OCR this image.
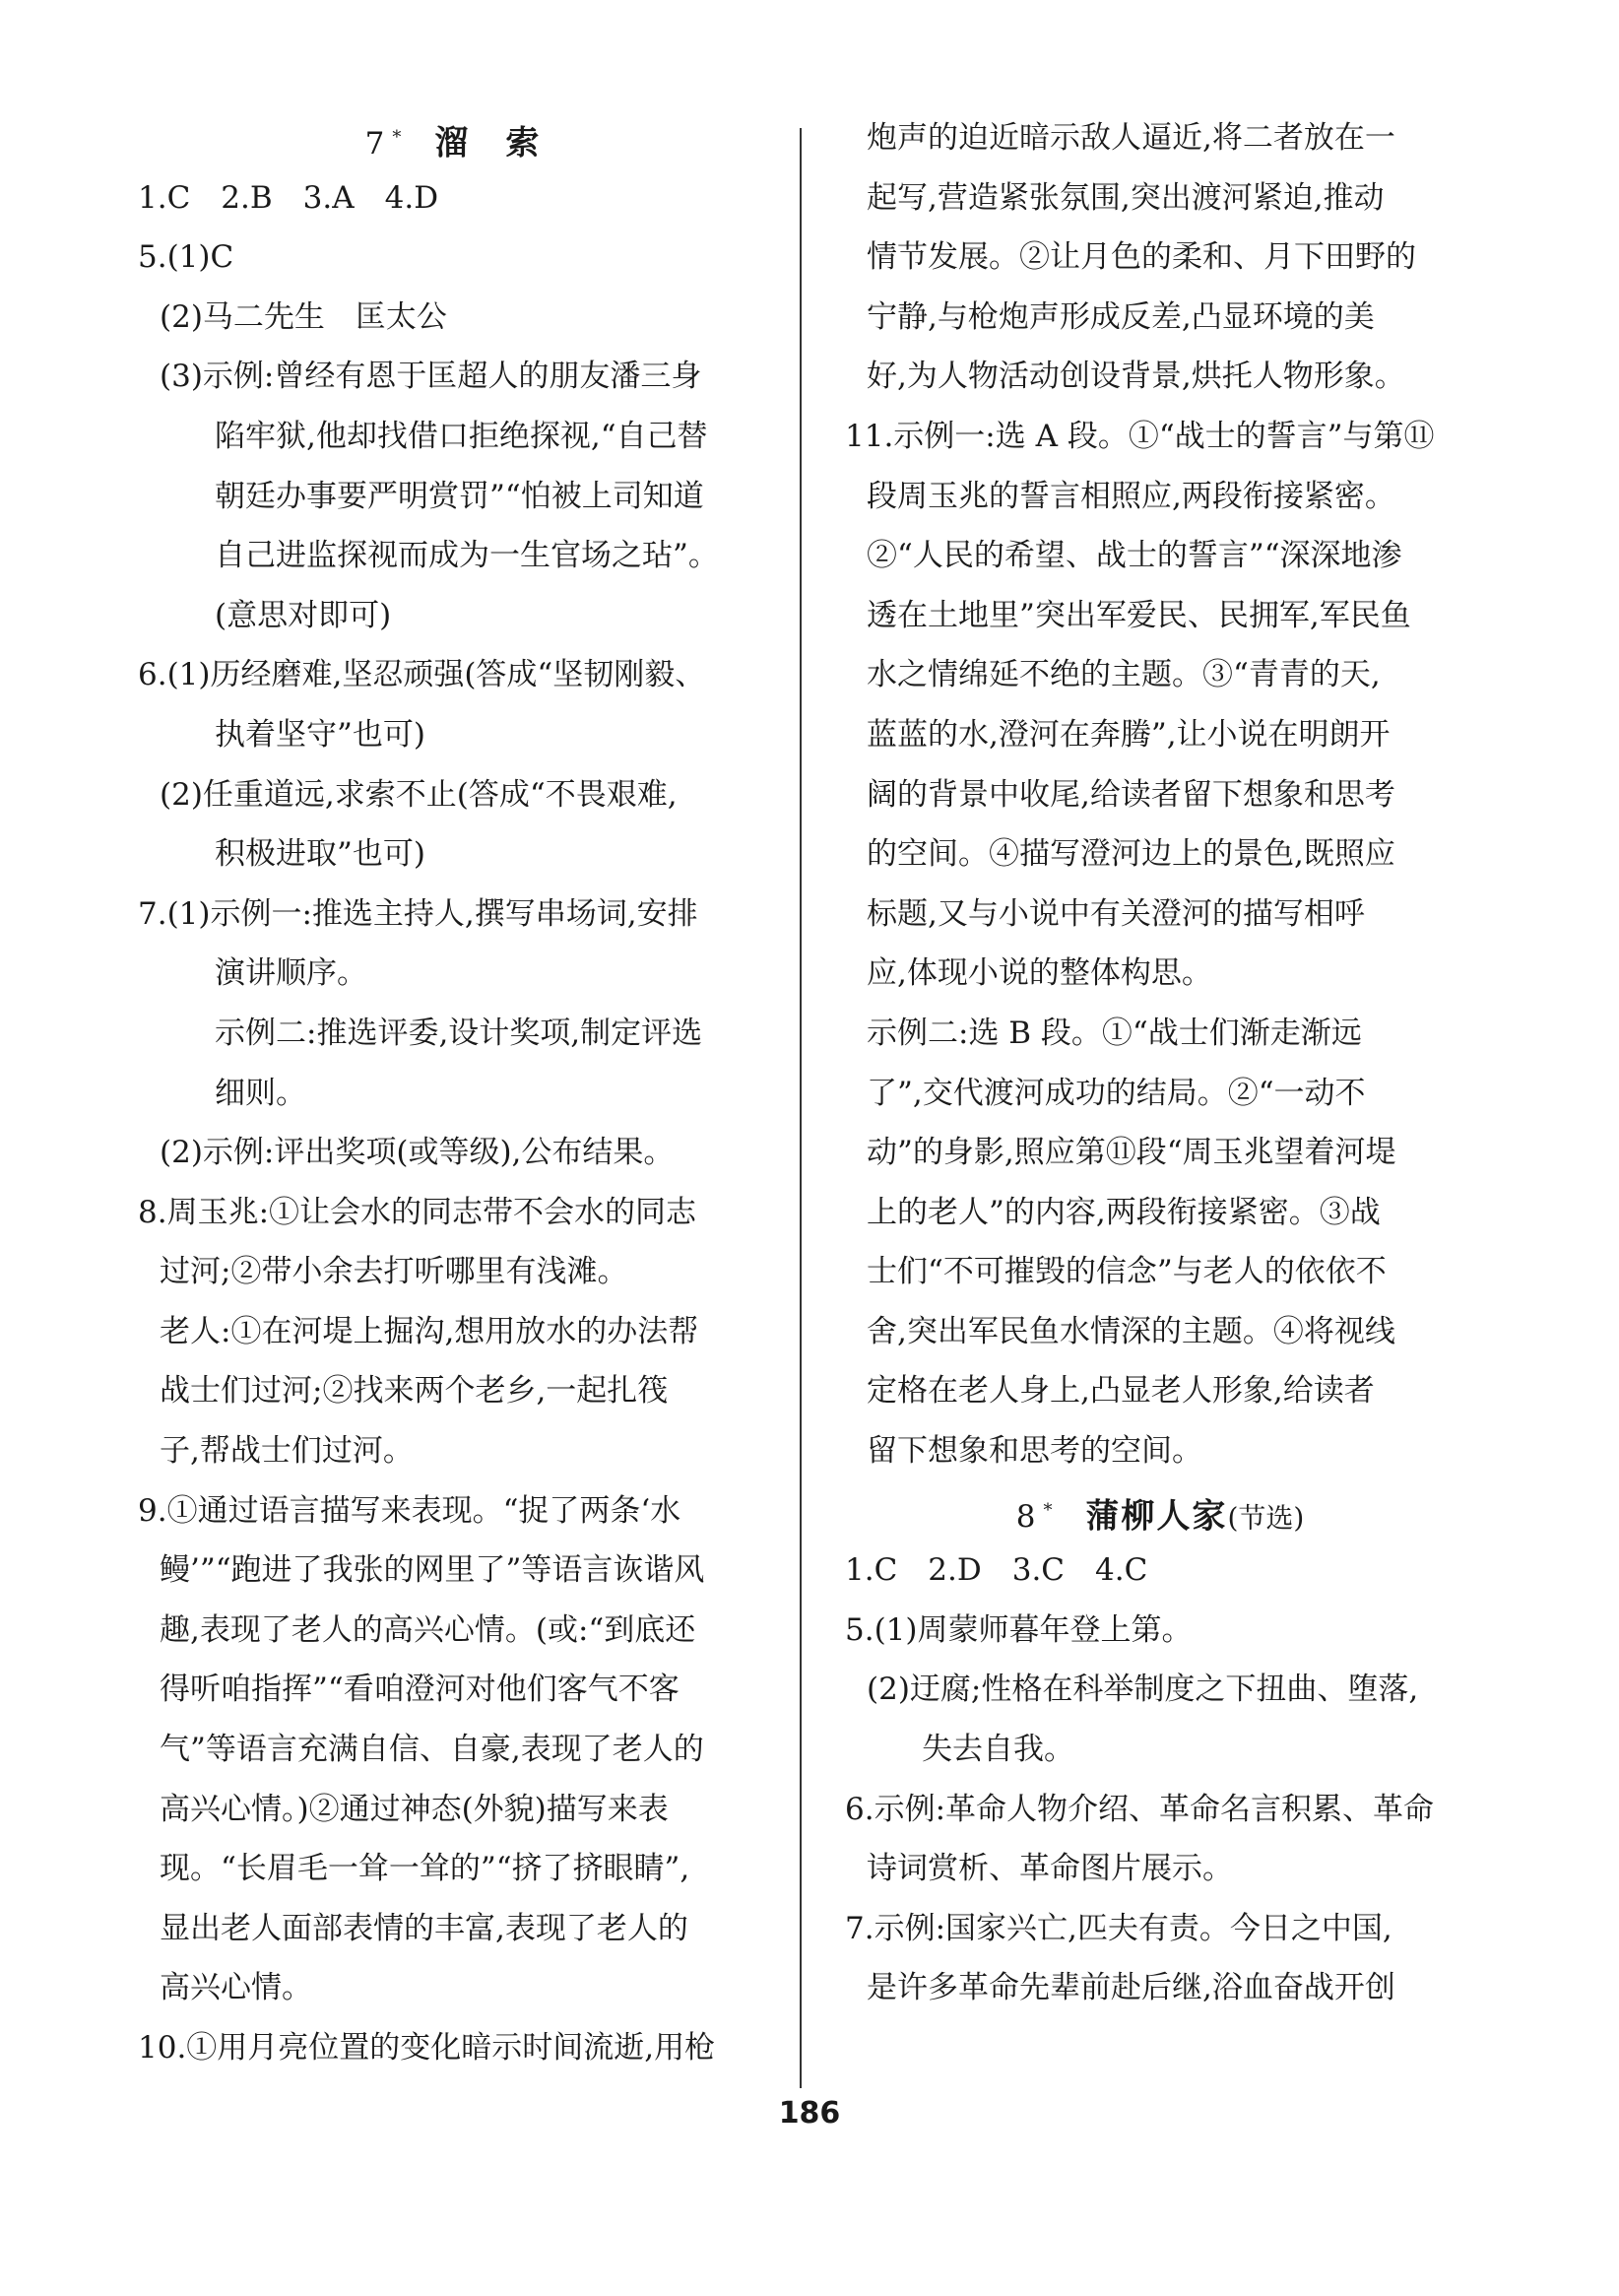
7 * 溜　索
1.C　2.B　3.A　4.D
5.(1)C
(2)马二先生　匡太公
(3)示例:曾经有恩于匡超人的朋友潘三身
陷牢狱,他却找借口拒绝探视,“自己替
朝廷办事要严明赏罚”“怕被上司知道
自己进监探视而成为一生官场之玷”。
(意思对即可)
6.(1)历经磨难,坚忍顽强(答成“坚韧刚毅、
执着坚守”也可)
(2)任重道远,求索不止(答成“不畏艰难,
积极进取”也可)
7.(1)示例一:推选主持人,撰写串场词,安排
演讲顺序。
示例二:推选评委,设计奖项,制定评选
细则。
(2)示例:评出奖项(或等级),公布结果。
8.周玉兆:①让会水的同志带不会水的同志
过河;②带小余去打听哪里有浅滩。
老人:①在河堤上掘沟,想用放水的办法帮
战士们过河;②找来两个老乡,一起扎筏
子,帮战士们过河。
9.①通过语言描写来表现。“捉了两条‘水
鳗’”“跑进了我张的网里了”等语言诙谐风
趣,表现了老人的高兴心情。(或:“到底还
得听咱指挥”“看咱澄河对他们客气不客
气”等语言充满自信、自豪,表现了老人的
高兴心情。)②通过神态(外貌)描写来表
现。“长眉毛一耸一耸的”“挤了挤眼睛”,
显出老人面部表情的丰富,表现了老人的
高兴心情。
10.①用月亮位置的变化暗示时间流逝,用枪
炮声的迫近暗示敌人逼近,将二者放在一
起写,营造紧张氛围,突出渡河紧迫,推动
情节发展。②让月色的柔和、月下田野的
宁静,与枪炮声形成反差,凸显环境的美
好,为人物活动创设背景,烘托人物形象。
11.示例一:选 A 段。①“战士的誓言”与第⑪
段周玉兆的誓言相照应,两段衔接紧密。
②“人民的希望、战士的誓言”“深深地渗
透在土地里”突出军爱民、民拥军,军民鱼
水之情绵延不绝的主题。③“青青的天,
蓝蓝的水,澄河在奔腾”,让小说在明朗开
阔的背景中收尾,给读者留下想象和思考
的空间。④描写澄河边上的景色,既照应
标题,又与小说中有关澄河的描写相呼
应,体现小说的整体构思。
示例二:选 B 段。①“战士们渐走渐远
了”,交代渡河成功的结局。②“一动不
动”的身影,照应第⑪段“周玉兆望着河堤
上的老人”的内容,两段衔接紧密。③战
士们“不可摧毁的信念”与老人的依依不
舍,突出军民鱼水情深的主题。④将视线
定格在老人身上,凸显老人形象,给读者
留下想象和思考的空间。
8 * 蒲柳人家(节选)
1.C　2.D　3.C　4.C
5.(1)周蒙师暮年登上第。
(2)迂腐;性格在科举制度之下扭曲、堕落,
失去自我。
6.示例:革命人物介绍、革命名言积累、革命
诗词赏析、革命图片展示。
7.示例:国家兴亡,匹夫有责。今日之中国,
是许多革命先辈前赴后继,浴血奋战开创
186
